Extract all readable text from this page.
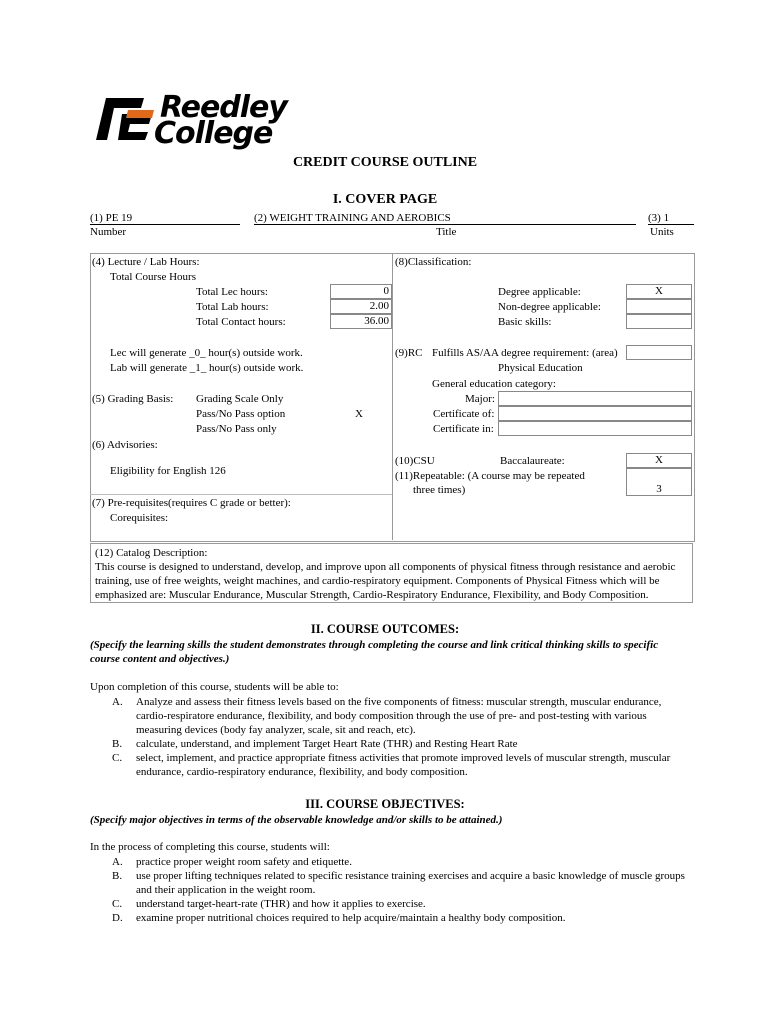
Reedley
College
CREDIT COURSE OUTLINE
I. COVER PAGE
(1) PE 19
Number
(2) WEIGHT TRAINING AND AEROBICS
Title
(3) 1
Units
(4) Lecture / Lab Hours:
Total Course Hours
Total Lec hours:	0
Total Lab hours:	2.00
Total Contact hours:	36.00
Lec will generate _0_ hour(s) outside work.
Lab will generate _1_ hour(s) outside work.
(5) Grading Basis: Grading Scale Only
Pass/No Pass option	X
Pass/No Pass only
(6) Advisories:
Eligibility for English 126
(7) Pre-requisites(requires C grade or better):
Corequisites:
(8)Classification:
Degree applicable:	X
Non-degree applicable:
Basic skills:
(9)RC Fulfills AS/AA degree requirement: (area)
Physical Education
General education category:
Major:
Certificate of:
Certificate in:
(10)CSU	Baccalaureate:	X
(11)Repeatable: (A course may be repeated
three times)	3
(12) Catalog Description:
This course is designed to understand, develop, and improve upon all components of physical fitness through resistance and aerobic
training, use of free weights, weight machines, and cardio-respiratory equipment. Components of Physical Fitness which will be
emphasized are: Muscular Endurance, Muscular Strength, Cardio-Respiratory Endurance, Flexibility, and Body Composition.
II. COURSE OUTCOMES:
(Specify the learning skills the student demonstrates through completing the course and link critical thinking skills to specific
course content and objectives.)
Upon completion of this course, students will be able to:
A. Analyze and assess their fitness levels based on the five components of fitness: muscular strength, muscular endurance,
cardio-respiratore endurance, flexibility, and body composition through the use of pre- and post-testing with various
measuring devices (body fay analyzer, scale, sit and reach, etc).
B. calculate, understand, and implement Target Heart Rate (THR) and Resting Heart Rate
C. select, implement, and practice appropriate fitness activities that promote improved levels of muscular strength, muscular
endurance, cardio-respiratory endurance, flexibility, and body composition.
III. COURSE OBJECTIVES:
(Specify major objectives in terms of the observable knowledge and/or skills to be attained.)
In the process of completing this course, students will:
A. practice proper weight room safety and etiquette.
B. use proper lifting techniques related to specific resistance training exercises and acquire a basic knowledge of muscle groups
and their application in the weight room.
C. understand target-heart-rate (THR) and how it applies to exercise.
D. examine proper nutritional choices required to help acquire/maintain a healthy body composition.
